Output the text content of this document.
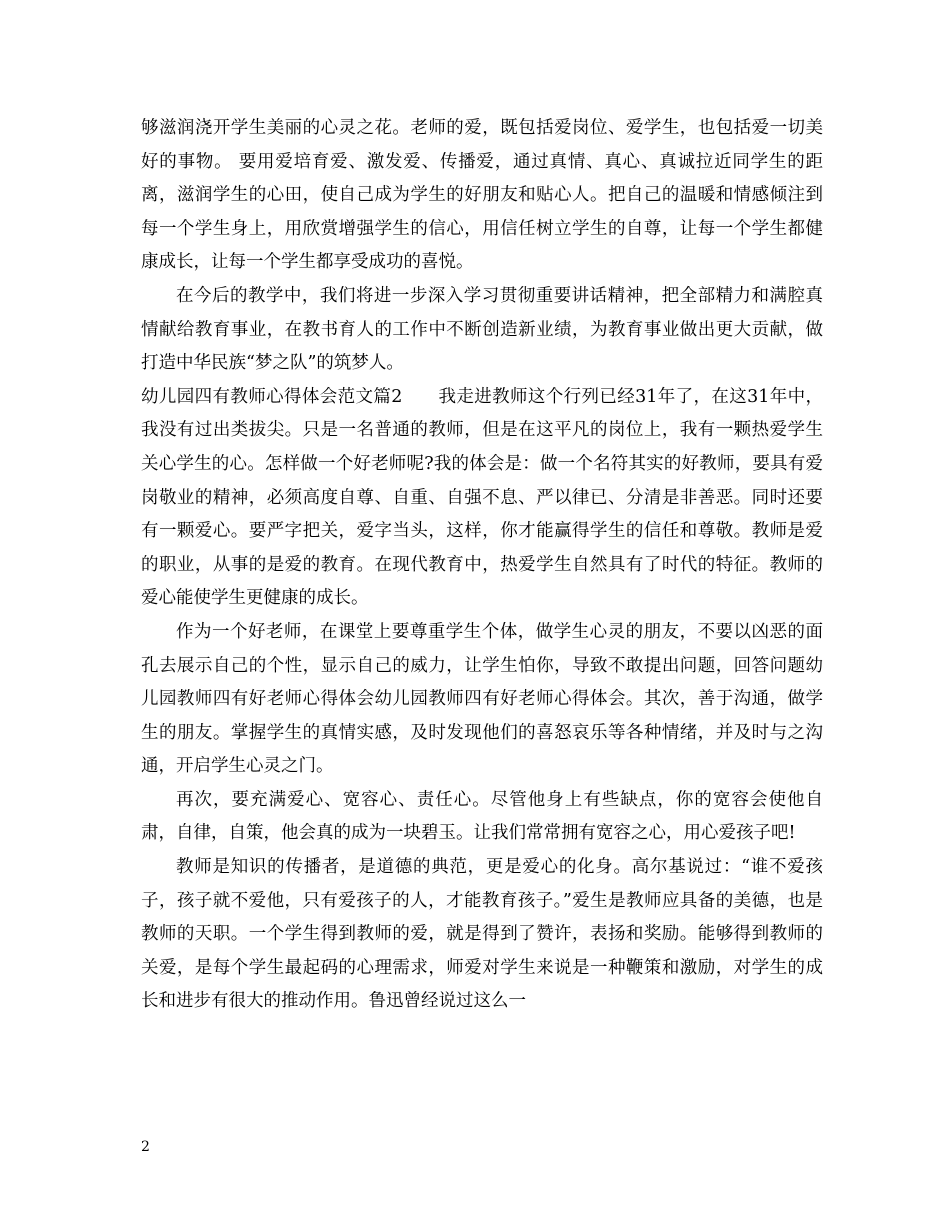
够滋润浇开学生美丽的心灵之花。老师的爱，既包括爱岗位、爱学生，也包括爱一切美好的事物。 要用爱培育爱、激发爱、传播爱，通过真情、真心、真诚拉近同学生的距离，滋润学生的心田，使自己成为学生的好朋友和贴心人。把自己的温暖和情感倾注到每一个学生身上，用欣赏增强学生的信心，用信任树立学生的自尊，让每一个学生都健康成长，让每一个学生都享受成功的喜悦。

在今后的教学中，我们将进一步深入学习贯彻重要讲话精神，把全部精力和满腔真情献给教育事业，在教书育人的工作中不断创造新业绩，为教育事业做出更大贡献，做打造中华民族“梦之队”的筑梦人。

幼儿园四有教师心得体会范文篇2　　我走进教师这个行列已经31年了，在这31年中，我没有过出类拔尖。只是一名普通的教师，但是在这平凡的岗位上，我有一颗热爱学生关心学生的心。怎样做一个好老师呢?我的体会是：做一个名符其实的好教师，要具有爱岗敬业的精神，必须高度自尊、自重、自强不息、严以律已、分清是非善恶。同时还要有一颗爱心。要严字把关，爱字当头，这样，你才能赢得学生的信任和尊敬。教师是爱的职业，从事的是爱的教育。在现代教育中，热爱学生自然具有了时代的特征。教师的爱心能使学生更健康的成长。

作为一个好老师，在课堂上要尊重学生个体，做学生心灵的朋友，不要以凶恶的面孔去展示自己的个性，显示自己的威力，让学生怕你，导致不敢提出问题，回答问题幼儿园教师四有好老师心得体会幼儿园教师四有好老师心得体会。其次，善于沟通，做学生的朋友。掌握学生的真情实感，及时发现他们的喜怒哀乐等各种情绪，并及时与之沟通，开启学生心灵之门。

再次，要充满爱心、宽容心、责任心。尽管他身上有些缺点，你的宽容会使他自肃，自律，自策，他会真的成为一块碧玉。让我们常常拥有宽容之心，用心爱孩子吧!

教师是知识的传播者，是道德的典范，更是爱心的化身。高尔基说过：“谁不爱孩子，孩子就不爱他，只有爱孩子的人，才能教育孩子。”爱生是教师应具备的美德，也是教师的天职。一个学生得到教师的爱，就是得到了赞许，表扬和奖励。能够得到教师的关爱，是每个学生最起码的心理需求，师爱对学生来说是一种鞭策和激励，对学生的成长和进步有很大的推动作用。鲁迅曾经说过这么一

2
